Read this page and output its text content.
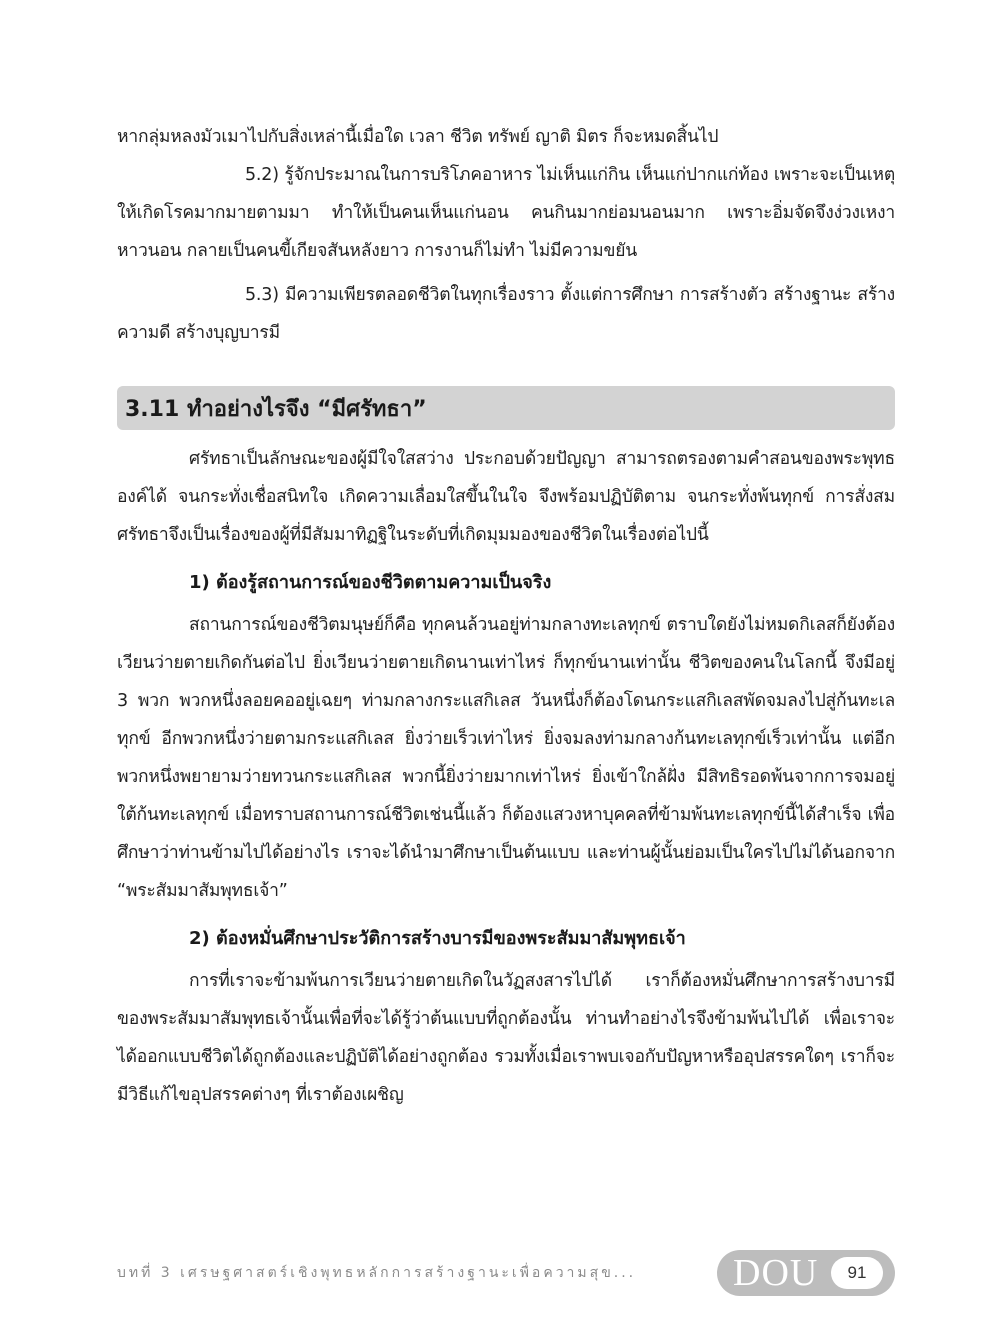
หากลุ่มหลงมัวเมาไปกับสิ่งเหล่านี้เมื่อใด เวลา ชีวิต ทรัพย์ ญาติ มิตร ก็จะหมดสิ้นไป

5.2) รู้จักประมาณในการบริโภคอาหาร ไม่เห็นแก่กิน เห็นแก่ปากแก่ท้อง เพราะจะเป็นเหตุให้เกิดโรคมากมายตามมา ทำให้เป็นคนเห็นแก่นอน คนกินมากย่อมนอนมาก เพราะอิ่มจัดจึงง่วงเหงาหาวนอน กลายเป็นคนขี้เกียจสันหลังยาว การงานก็ไม่ทำ ไม่มีความขยัน

5.3) มีความเพียรตลอดชีวิตในทุกเรื่องราว ตั้งแต่การศึกษา การสร้างตัว สร้างฐานะ สร้างความดี สร้างบุญบารมี

3.11 ทำอย่างไรจึง “มีศรัทธา”

ศรัทธาเป็นลักษณะของผู้มีใจใสสว่าง ประกอบด้วยปัญญา สามารถตรองตามคำสอนของพระพุทธองค์ได้ จนกระทั่งเชื่อสนิทใจ เกิดความเลื่อมใสขึ้นในใจ จึงพร้อมปฏิบัติตาม จนกระทั่งพ้นทุกข์ การสั่งสมศรัทธาจึงเป็นเรื่องของผู้ที่มีสัมมาทิฏฐิในระดับที่เกิดมุมมองของชีวิตในเรื่องต่อไปนี้

1) ต้องรู้สถานการณ์ของชีวิตตามความเป็นจริง

สถานการณ์ของชีวิตมนุษย์ก็คือ ทุกคนล้วนอยู่ท่ามกลางทะเลทุกข์ ตราบใดยังไม่หมดกิเลสก็ยังต้องเวียนว่ายตายเกิดกันต่อไป ยิ่งเวียนว่ายตายเกิดนานเท่าไหร่ ก็ทุกข์นานเท่านั้น ชีวิตของคนในโลกนี้ จึงมีอยู่ 3 พวก พวกหนึ่งลอยคออยู่เฉยๆ ท่ามกลางกระแสกิเลส วันหนึ่งก็ต้องโดนกระแสกิเลสพัดจมลงไปสู่ก้นทะเลทุกข์ อีกพวกหนึ่งว่ายตามกระแสกิเลส ยิ่งว่ายเร็วเท่าไหร่ ยิ่งจมลงท่ามกลางก้นทะเลทุกข์เร็วเท่านั้น แต่อีกพวกหนึ่งพยายามว่ายทวนกระแสกิเลส พวกนี้ยิ่งว่ายมากเท่าไหร่ ยิ่งเข้าใกล้ฝั่ง มีสิทธิรอดพ้นจากการจมอยู่ใต้ก้นทะเลทุกข์ เมื่อทราบสถานการณ์ชีวิตเช่นนี้แล้ว ก็ต้องแสวงหาบุคคลที่ข้ามพ้นทะเลทุกข์นี้ได้สำเร็จ เพื่อศึกษาว่าท่านข้ามไปได้อย่างไร เราจะได้นำมาศึกษาเป็นต้นแบบ และท่านผู้นั้นย่อมเป็นใครไปไม่ได้นอกจาก “พระสัมมาสัมพุทธเจ้า”

2) ต้องหมั่นศึกษาประวัติการสร้างบารมีของพระสัมมาสัมพุทธเจ้า

การที่เราจะข้ามพ้นการเวียนว่ายตายเกิดในวัฏสงสารไปได้ เราก็ต้องหมั่นศึกษาการสร้างบารมีของพระสัมมาสัมพุทธเจ้านั้นเพื่อที่จะได้รู้ว่าต้นแบบที่ถูกต้องนั้น ท่านทำอย่างไรจึงข้ามพ้นไปได้ เพื่อเราจะได้ออกแบบชีวิตได้ถูกต้องและปฏิบัติได้อย่างถูกต้อง รวมทั้งเมื่อเราพบเจอกับปัญหาหรืออุปสรรคใดๆ เราก็จะมีวิธีแก้ไขอุปสรรคต่างๆ ที่เราต้องเผชิญ

บทที่ 3 เศรษฐศาสตร์เชิงพุทธหลักการสร้างฐานะเพื่อความสุข...	DOU	91
